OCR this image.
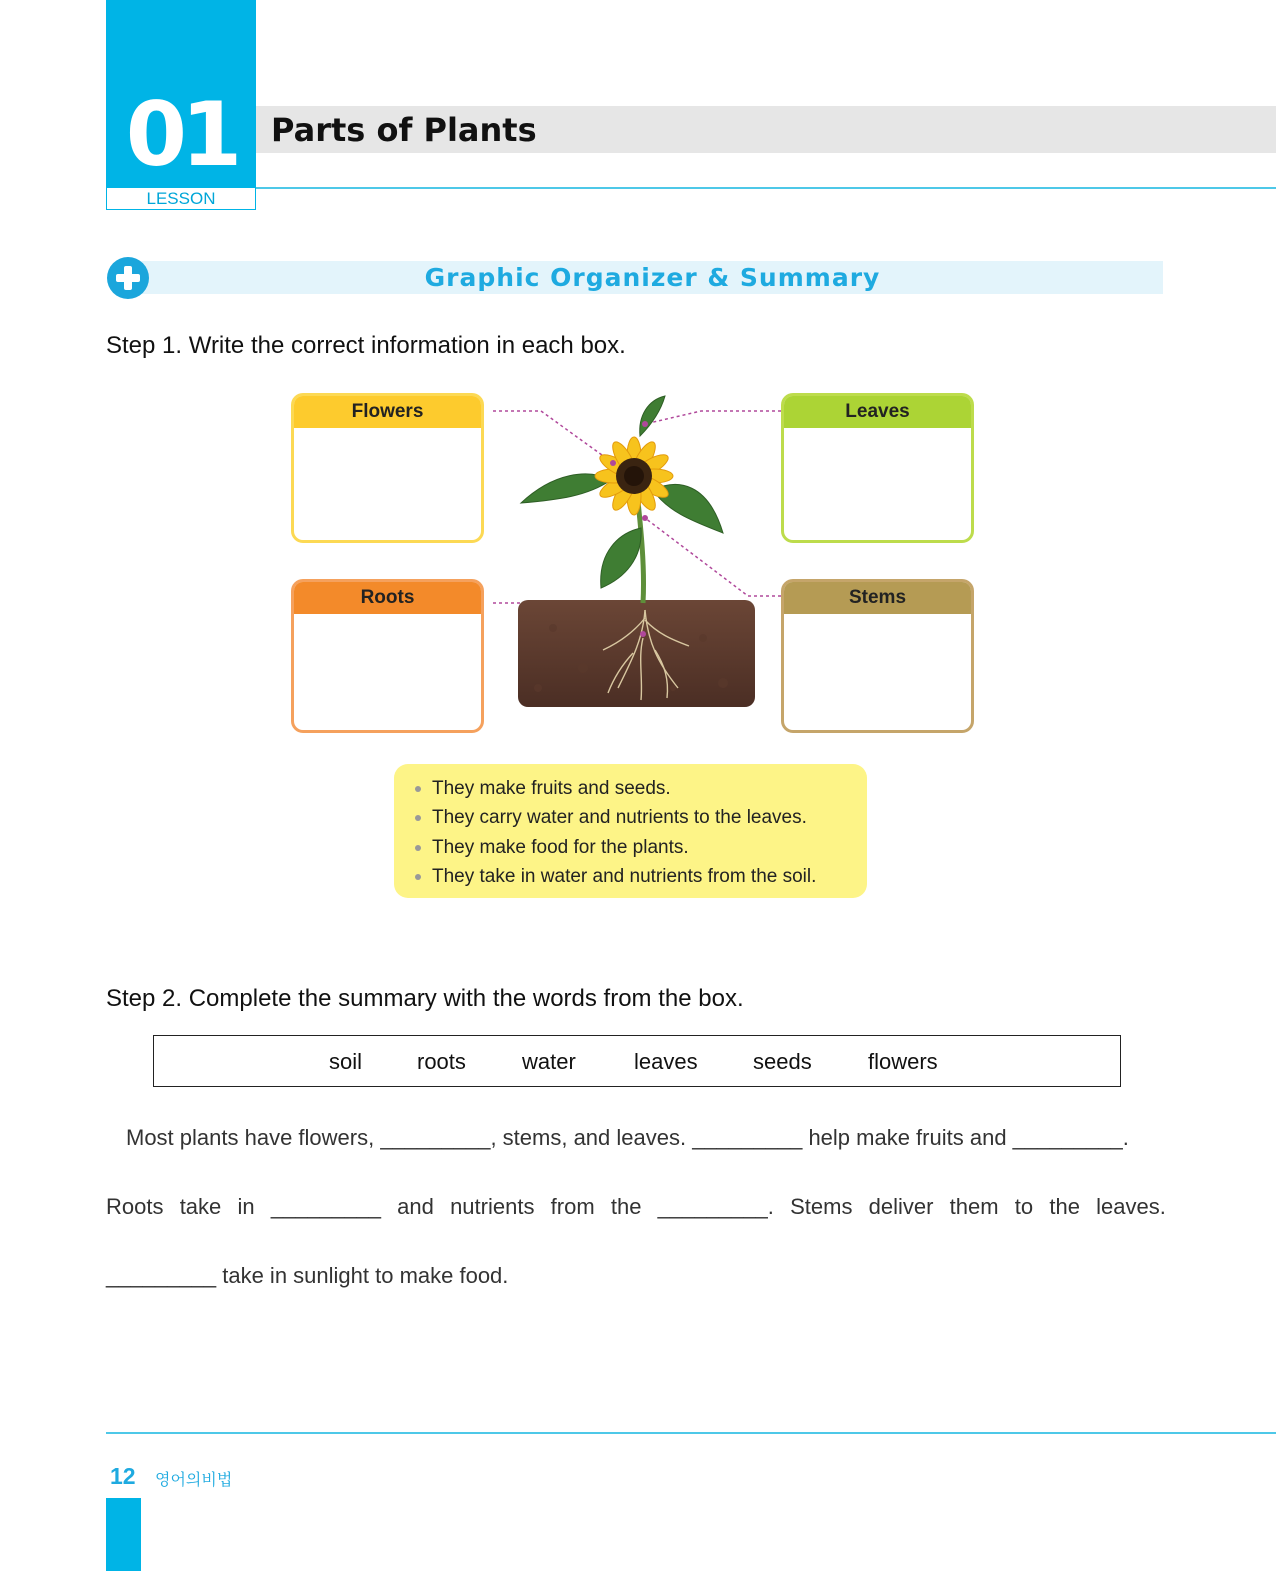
01
LESSON
Parts of Plants
Graphic Organizer & Summary
Step 1. Write the correct information in each box.
Flowers	Leaves
Roots	Stems
They make fruits and seeds.
They carry water and nutrients to the leaves.
They make food for the plants.
They take in water and nutrients from the soil.
Step 2. Complete the summary with the words from the box.
soil roots	water	leaves	seeds	flowers
Most plants have flowers, _________, stems, and leaves. _________ help make fruits and _________.
Roots take in _________ and nutrients from the _________. Stems deliver them to the leaves.
_________ take in sunlight to make food.
12 영어의비법
